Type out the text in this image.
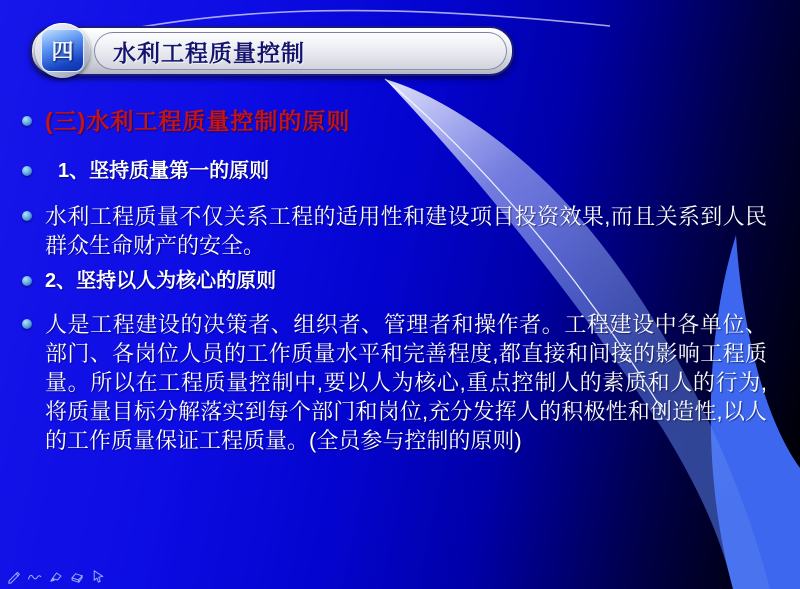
水利工程质量控制
四
(三)水利工程质量控制的原则
1、坚持质量第一的原则
水利工程质量不仅关系工程的适用性和建设项目投资效果,而且关系到人民群众生命财产的安全。
2、坚持以人为核心的原则
人是工程建设的决策者、组织者、管理者和操作者。工程建设中各单位、部门、各岗位人员的工作质量水平和完善程度,都直接和间接的影响工程质量。所以在工程质量控制中,要以人为核心,重点控制人的素质和人的行为,将质量目标分解落实到每个部门和岗位,充分发挥人的积极性和创造性,以人的工作质量保证工程质量。(全员参与控制的原则)
